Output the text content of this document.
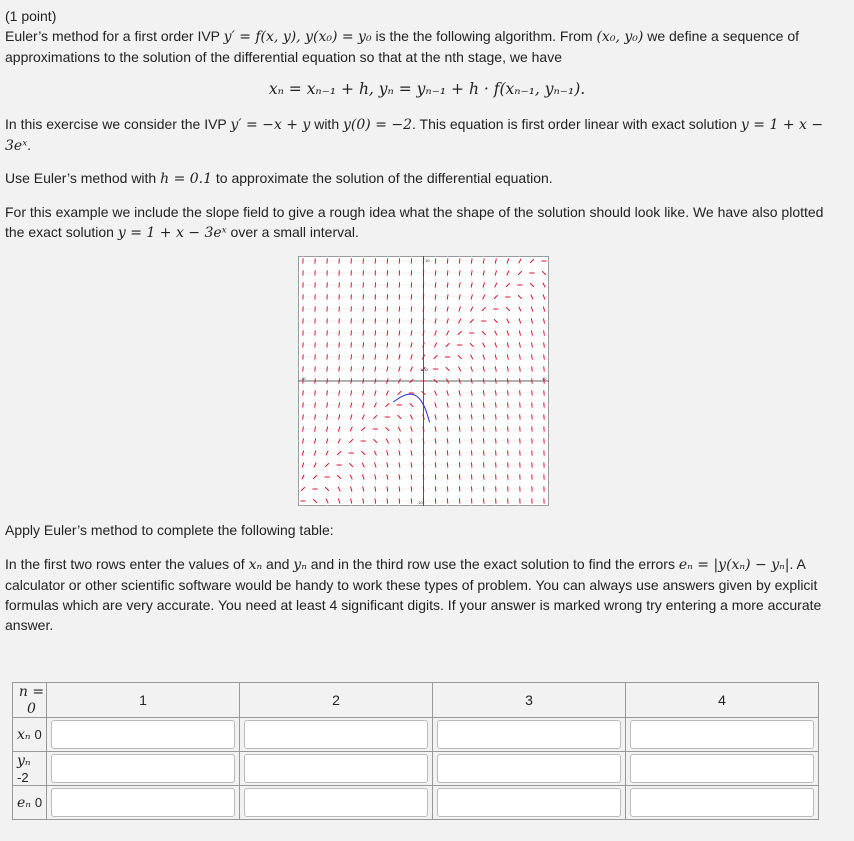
(1 point)
Euler’s method for a first order IVP y′ = f(x, y), y(x₀) = y₀ is the the following algorithm. From (x₀, y₀) we define a sequence of approximations to the solution of the differential equation so that at the nth stage, we have
xₙ = xₙ₋₁ + h, yₙ = yₙ₋₁ + h · f(xₙ₋₁, yₙ₋₁).
In this exercise we consider the IVP y′ = −x + y with y(0) = −2. This equation is first order linear with exact solution y = 1 + x − 3eˣ.
Use Euler’s method with h = 0.1 to approximate the solution of the differential equation.
For this example we include the slope field to give a rough idea what the shape of the solution should look like. We have also plotted the exact solution y = 1 + x − 3eˣ over a small interval.
-10	10
10
-10
1.00
Apply Euler’s method to complete the following table:
In the first two rows enter the values of xₙ and yₙ and in the third row use the exact solution to find the errors eₙ = |y(xₙ) − yₙ|. A calculator or other scientific software would be handy to work these types of problem. You can always use answers given by explicit formulas which are very accurate. You need at least 4 significant digits. If your answer is marked wrong try entering a more accurate answer.
n = 0	1	2	3	4
xₙ 0	

yₙ -2	

eₙ 0	
